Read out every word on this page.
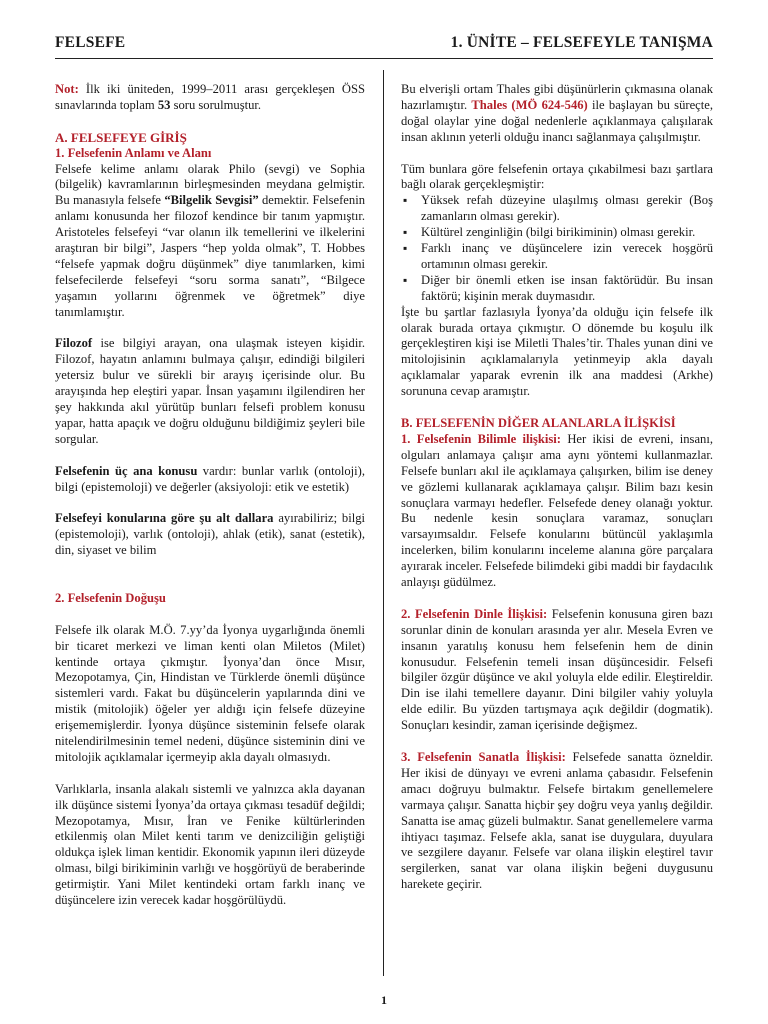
FELSEFE	1. ÜNİTE – FELSEFEYLE TANIŞMA

Not: İlk iki üniteden, 1999–2011 arası gerçekleşen ÖSS sınavlarında toplam 53 soru sorulmuştur.

A. FELSEFEYE GİRİŞ

1. Felsefenin Anlamı ve Alanı

Felsefe kelime anlamı olarak Philo (sevgi) ve Sophia (bilgelik) kavramlarının birleşmesinden meydana gelmiştir. Bu manasıyla felsefe “Bilgelik Sevgisi” demektir. Felsefenin anlamı konusunda her filozof kendince bir tanım yapmıştır. Aristoteles felsefeyi “var olanın ilk temellerini ve ilkelerini araştıran bir bilgi”, Jaspers “hep yolda olmak”, T. Hobbes “felsefe yapmak doğru düşünmek” diye tanımlarken, kimi felsefecilerde felsefeyi “soru sorma sanatı”, “Bilgece yaşamın yollarını öğrenmek ve öğretmek” diye tanımlamıştır.

Filozof ise bilgiyi arayan, ona ulaşmak isteyen kişidir. Filozof, hayatın anlamını bulmaya çalışır, edindiği bilgileri yetersiz bulur ve sürekli bir arayış içerisinde olur. Bu arayışında hep eleştiri yapar. İnsan yaşamını ilgilendiren her şey hakkında akıl yürütüp bunları felsefi problem konusu yapar, hatta apaçık ve doğru olduğunu bildiğimiz şeyleri bile sorgular.

Felsefenin üç ana konusu vardır: bunlar varlık (ontoloji), bilgi (epistemoloji) ve değerler (aksiyoloji: etik ve estetik)

Felsefeyi konularına göre şu alt dallara ayırabiliriz; bilgi (epistemoloji), varlık (ontoloji), ahlak (etik), sanat (estetik), din, siyaset ve bilim

2. Felsefenin Doğuşu

Felsefe ilk olarak M.Ö. 7.yy’da İyonya uygarlığında önemli bir ticaret merkezi ve liman kenti olan Miletos (Milet) kentinde ortaya çıkmıştır. İyonya’dan önce Mısır, Mezopotamya, Çin, Hindistan ve Türklerde önemli düşünce sistemleri vardı. Fakat bu düşüncelerin yapılarında dini ve mistik (mitolojik) öğeler yer aldığı için felsefe düzeyine erişememişlerdir. İyonya düşünce sisteminin felsefe olarak nitelendirilmesinin temel nedeni, düşünce sisteminin dini ve mitolojik açıklamalar içermeyip akla dayalı olmasıydı.

Varlıklarla, insanla alakalı sistemli ve yalnızca akla dayanan ilk düşünce sistemi İyonya’da ortaya çıkması tesadüf değildi; Mezopotamya, Mısır, İran ve Fenike kültürlerinden etkilenmiş olan Milet kenti tarım ve denizciliğin geliştiği oldukça işlek liman kentidir. Ekonomik yapının ileri düzeyde olması, bilgi birikiminin varlığı ve hoşgörüyü de beraberinde getirmiştir. Yani Milet kentindeki ortam farklı inanç ve düşüncelere izin verecek kadar hoşgörülüydü.

Bu elverişli ortam Thales gibi düşünürlerin çıkmasına olanak hazırlamıştır. Thales (MÖ 624-546) ile başlayan bu süreçte, doğal olaylar yine doğal nedenlerle açıklanmaya çalışılarak insan aklının yeterli olduğu inancı sağlanmaya çalışılmıştır.

Tüm bunlara göre felsefenin ortaya çıkabilmesi bazı şartlara bağlı olarak gerçekleşmiştir:

▪ Yüksek refah düzeyine ulaşılmış olması gerekir (Boş zamanların olması gerekir).
▪ Kültürel zenginliğin (bilgi birikiminin) olması gerekir.
▪ Farklı inanç ve düşüncelere izin verecek hoşgörü ortamının olması gerekir.
▪ Diğer bir önemli etken ise insan faktörüdür. Bu insan faktörü; kişinin merak duymasıdır.

İşte bu şartlar fazlasıyla İyonya’da olduğu için felsefe ilk olarak burada ortaya çıkmıştır. O dönemde bu koşulu ilk gerçekleştiren kişi ise Miletli Thales’tir. Thales yunan dini ve mitolojisinin açıklamalarıyla yetinmeyip akla dayalı açıklamalar yaparak evrenin ilk ana maddesi (Arkhe) sorununa cevap aramıştır.

B. FELSEFENİN DİĞER ALANLARLA İLİŞKİSİ

1. Felsefenin Bilimle ilişkisi: Her ikisi de evreni, insanı, olguları anlamaya çalışır ama aynı yöntemi kullanmazlar. Felsefe bunları akıl ile açıklamaya çalışırken, bilim ise deney ve gözlemi kullanarak açıklamaya çalışır. Bilim bazı kesin sonuçlara varmayı hedefler. Felsefede deney olanağı yoktur. Bu nedenle kesin sonuçlara varamaz, sonuçları varsayımsaldır. Felsefe konularını bütüncül yaklaşımla incelerken, bilim konularını inceleme alanına göre parçalara ayırarak inceler. Felsefede bilimdeki gibi maddi bir faydacılık anlayışı güdülmez.

2. Felsefenin Dinle İlişkisi: Felsefenin konusuna giren bazı sorunlar dinin de konuları arasında yer alır. Mesela Evren ve insanın yaratılış konusu hem felsefenin hem de dinin konusudur. Felsefenin temeli insan düşüncesidir. Felsefi bilgiler özgür düşünce ve akıl yoluyla elde edilir. Eleştireldir. Din ise ilahi temellere dayanır. Dini bilgiler vahiy yoluyla elde edilir. Bu yüzden tartışmaya açık değildir (dogmatik). Sonuçları kesindir, zaman içerisinde değişmez.

3. Felsefenin Sanatla İlişkisi: Felsefede sanatta özneldir. Her ikisi de dünyayı ve evreni anlama çabasıdır. Felsefenin amacı doğruyu bulmaktır. Felsefe birtakım genellemelere varmaya çalışır. Sanatta hiçbir şey doğru veya yanlış değildir. Sanatta ise amaç güzeli bulmaktır. Sanat genellemelere varma ihtiyacı taşımaz. Felsefe akla, sanat ise duygulara, duyulara ve sezgilere dayanır. Felsefe var olana ilişkin eleştirel tavır sergilerken, sanat var olana ilişkin beğeni duygusunu harekete geçirir.

1
